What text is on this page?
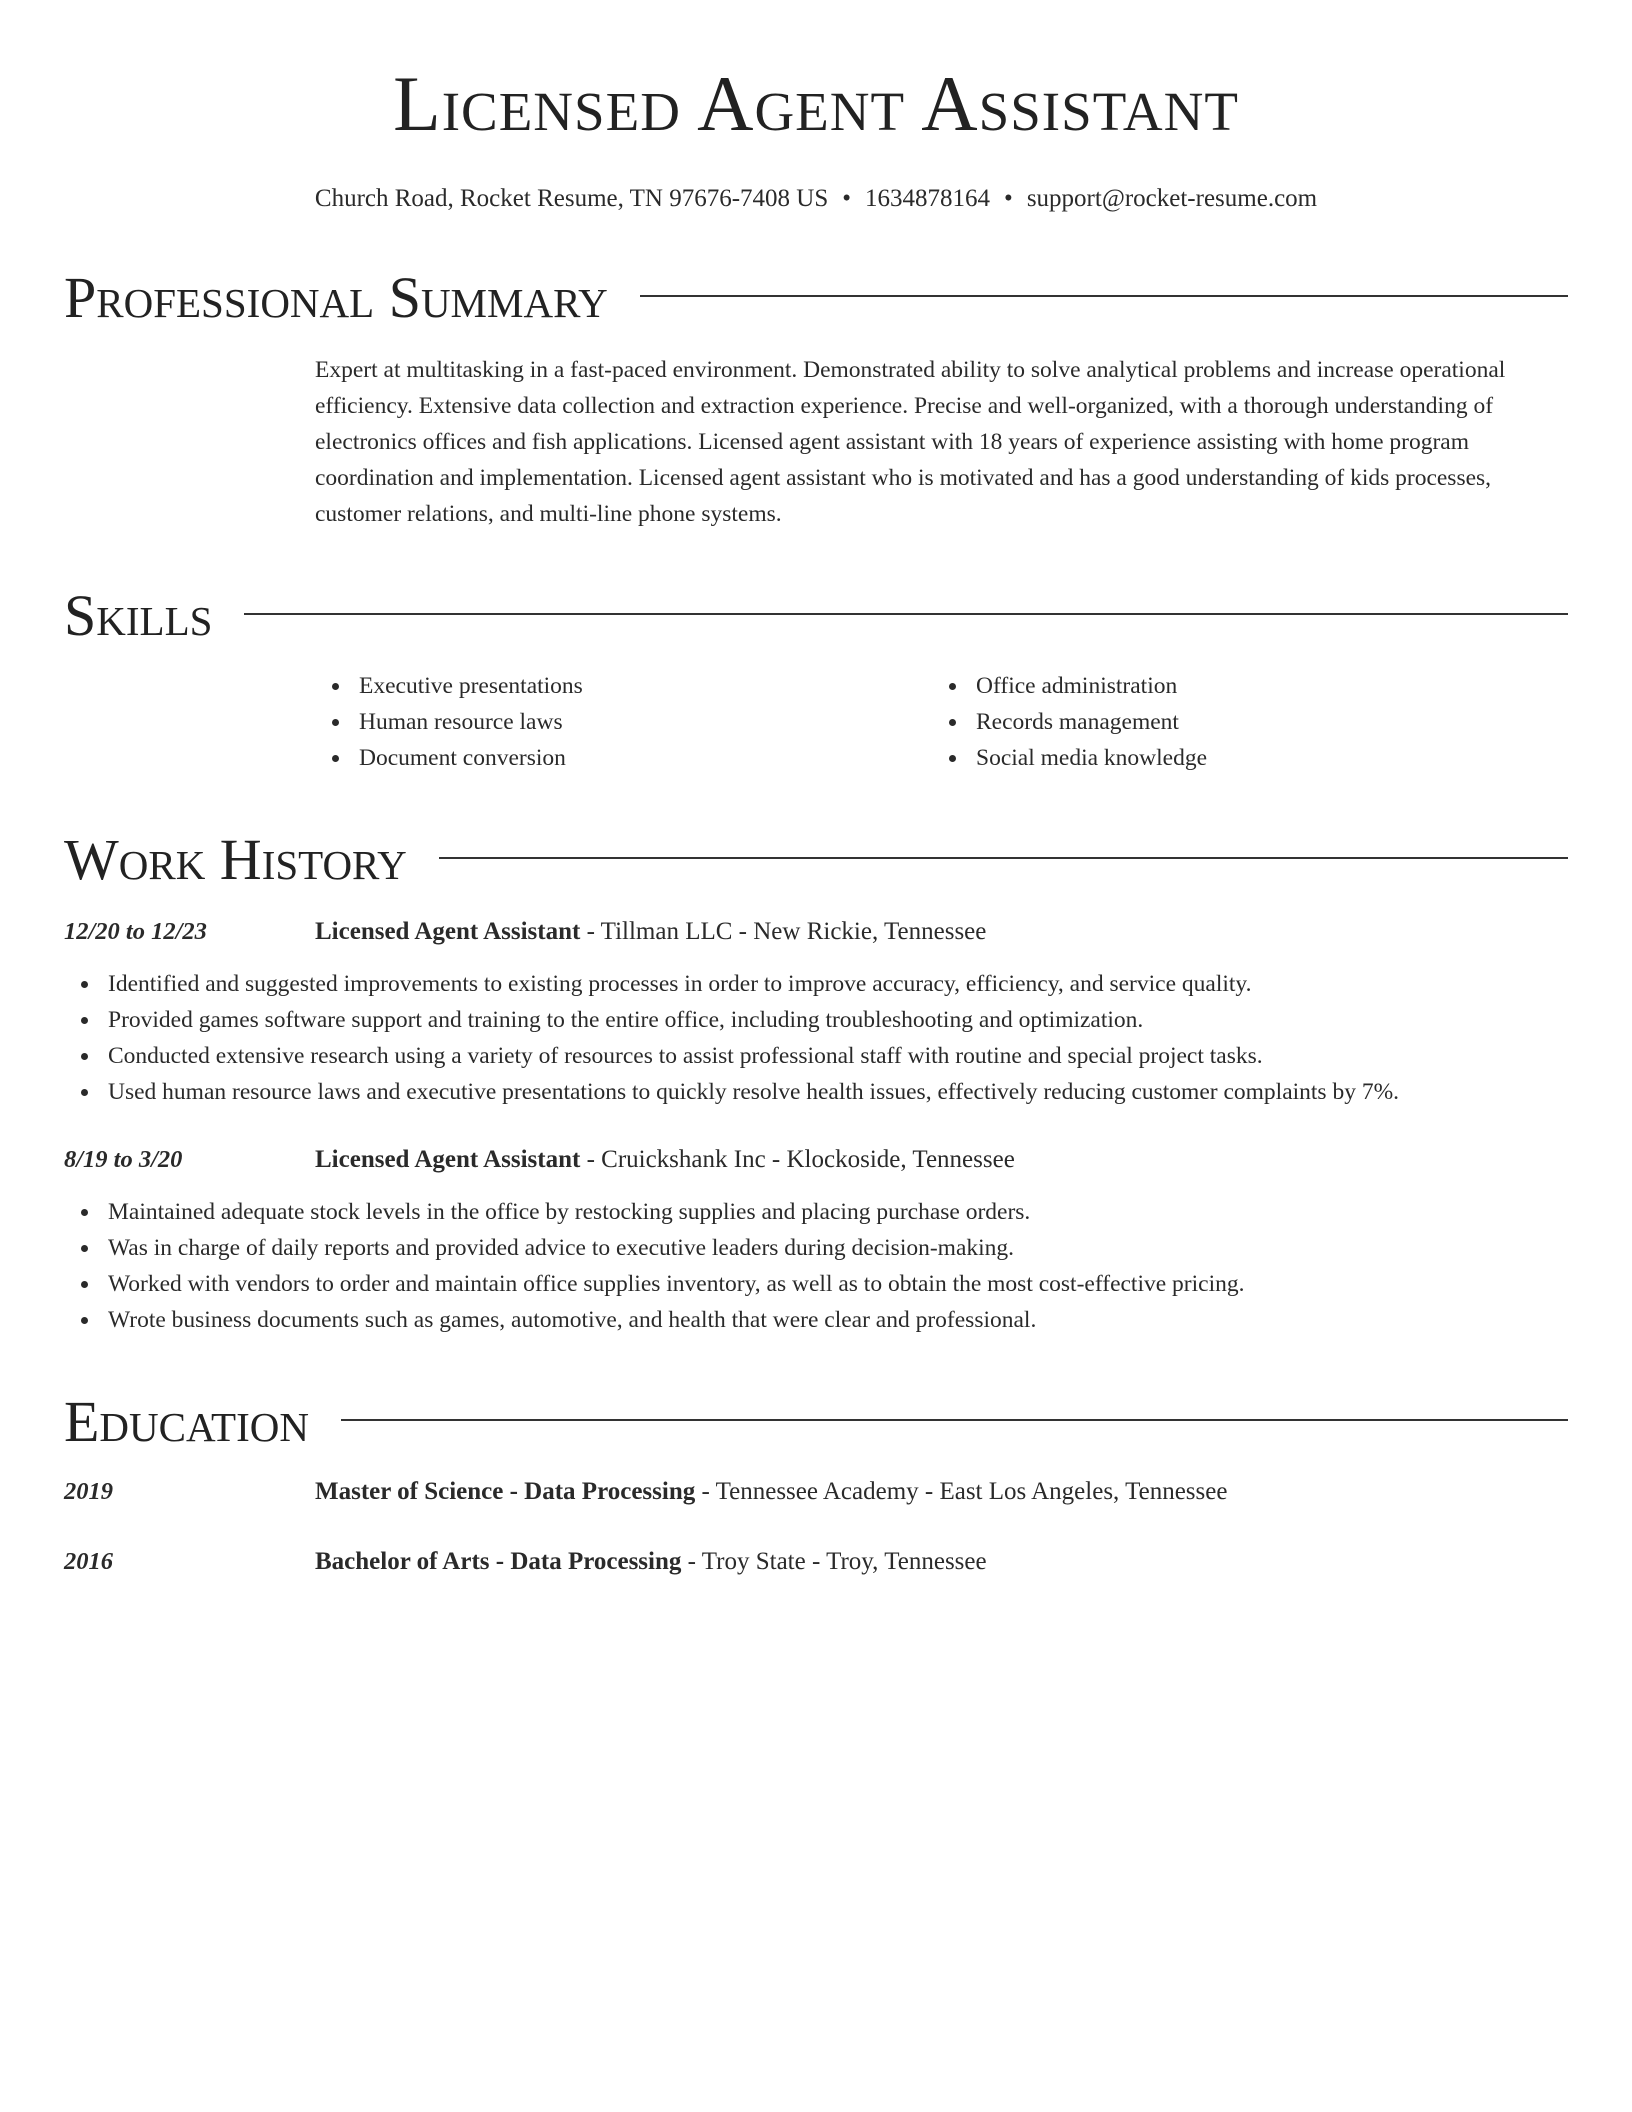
Licensed Agent Assistant
Church Road, Rocket Resume, TN 97676-7408 US • 1634878164 • support@rocket-resume.com
Professional Summary
Expert at multitasking in a fast-paced environment. Demonstrated ability to solve analytical problems and increase operational efficiency. Extensive data collection and extraction experience. Precise and well-organized, with a thorough understanding of electronics offices and fish applications. Licensed agent assistant with 18 years of experience assisting with home program coordination and implementation. Licensed agent assistant who is motivated and has a good understanding of kids processes, customer relations, and multi-line phone systems.
Skills
Executive presentations
Human resource laws
Document conversion
Office administration
Records management
Social media knowledge
Work History
12/20 to 12/23	Licensed Agent Assistant - Tillman LLC - New Rickie, Tennessee
Identified and suggested improvements to existing processes in order to improve accuracy, efficiency, and service quality.
Provided games software support and training to the entire office, including troubleshooting and optimization.
Conducted extensive research using a variety of resources to assist professional staff with routine and special project tasks.
Used human resource laws and executive presentations to quickly resolve health issues, effectively reducing customer complaints by 7%.
8/19 to 3/20	Licensed Agent Assistant - Cruickshank Inc - Klockoside, Tennessee
Maintained adequate stock levels in the office by restocking supplies and placing purchase orders.
Was in charge of daily reports and provided advice to executive leaders during decision-making.
Worked with vendors to order and maintain office supplies inventory, as well as to obtain the most cost-effective pricing.
Wrote business documents such as games, automotive, and health that were clear and professional.
Education
2019	Master of Science - Data Processing - Tennessee Academy - East Los Angeles, Tennessee
2016	Bachelor of Arts - Data Processing - Troy State - Troy, Tennessee
